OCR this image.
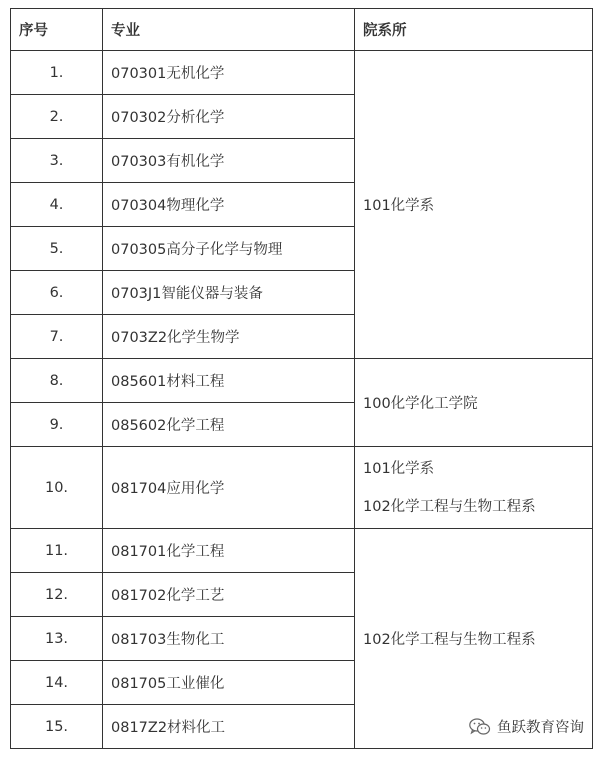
序号	专业	院系所
1.	070301无机化学	101化学系
2.	070302分析化学	
3.	070303有机化学	
4.	070304物理化学	
5.	070305高分子化学与物理	
6.	0703J1智能仪器与装备	
7.	0703Z2化学生物学	
8.	085601材料工程	100化学化工学院
9.	085602化学工程	
10.	081704应用化学	101化学系
102化学工程与生物工程系

11.	081701化学工程	102化学工程与生物工程系
12.	081702化学工艺	
13.	081703生物化工	
14.	081705工业催化	
15.	0817Z2材料化工		鱼跃教育咨询
